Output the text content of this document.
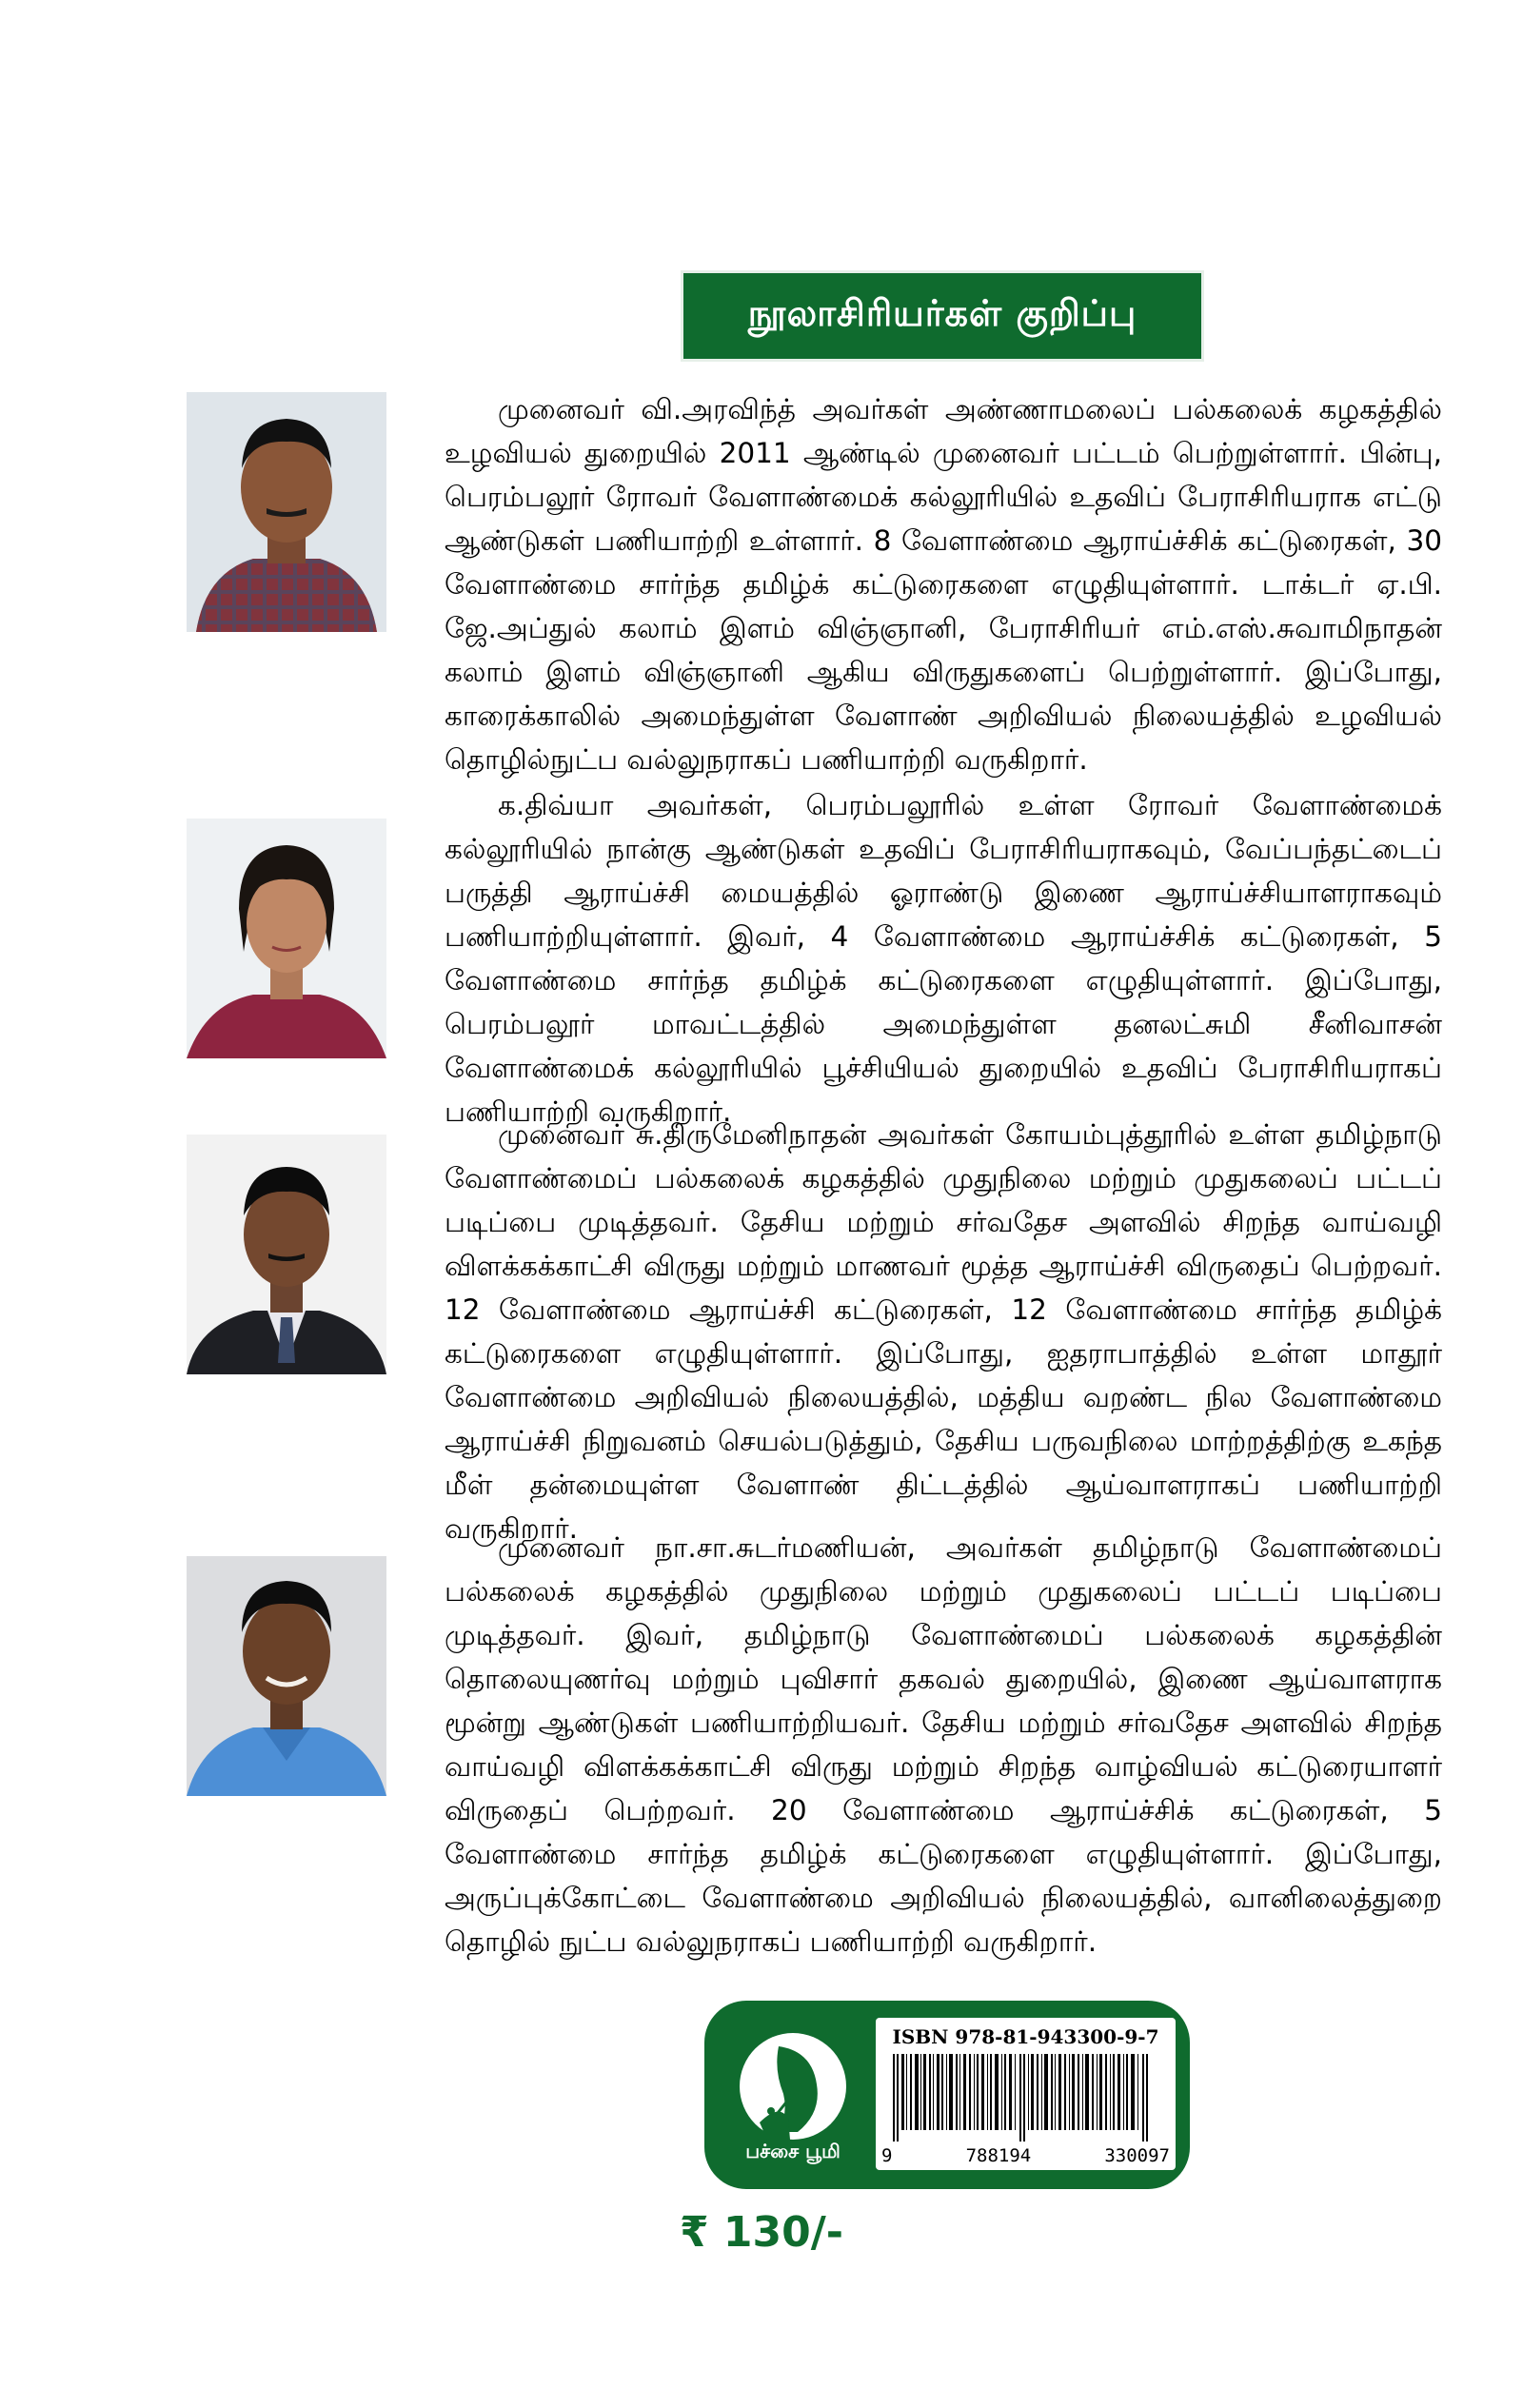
நூலாசிரியர்கள் குறிப்பு

முனைவர் வி.அரவிந்த் அவர்கள் அண்ணாமலைப் பல்கலைக் கழகத்தில் உழவியல் துறையில் 2011 ஆண்டில் முனைவர் பட்டம் பெற்றுள்ளார். பின்பு, பெரம்பலூர் ரோவர் வேளாண்மைக் கல்லூரியில் உதவிப் பேராசிரியராக எட்டு ஆண்டுகள் பணியாற்றி உள்ளார். 8 வேளாண்மை ஆராய்ச்சிக் கட்டுரைகள், 30 வேளாண்மை சார்ந்த தமிழ்க் கட்டுரைகளை எழுதியுள்ளார். டாக்டர் ஏ.பி. ஜே.அப்துல் கலாம் இளம் விஞ்ஞானி, பேராசிரியர் எம்.எஸ்.சுவாமிநாதன் கலாம் இளம் விஞ்ஞானி ஆகிய விருதுகளைப் பெற்றுள்ளார். இப்போது, காரைக்காலில் அமைந்துள்ள வேளாண் அறிவியல் நிலையத்தில் உழவியல் தொழில்நுட்ப வல்லுநராகப் பணியாற்றி வருகிறார்.

க.திவ்யா அவர்கள், பெரம்பலூரில் உள்ள ரோவர் வேளாண்மைக் கல்லூரியில் நான்கு ஆண்டுகள் உதவிப் பேராசிரியராகவும், வேப்பந்தட்டைப் பருத்தி ஆராய்ச்சி மையத்தில் ஓராண்டு இணை ஆராய்ச்சியாளராகவும் பணியாற்றியுள்ளார். இவர், 4 வேளாண்மை ஆராய்ச்சிக் கட்டுரைகள், 5 வேளாண்மை சார்ந்த தமிழ்க் கட்டுரைகளை எழுதியுள்ளார். இப்போது, பெரம்பலூர் மாவட்டத்தில் அமைந்துள்ள தனலட்சுமி சீனிவாசன் வேளாண்மைக் கல்லூரியில் பூச்சியியல் துறையில் உதவிப் பேராசிரியராகப் பணியாற்றி வருகிறார்.

முனைவர் சு.திருமேனிநாதன் அவர்கள் கோயம்புத்தூரில் உள்ள தமிழ்நாடு வேளாண்மைப் பல்கலைக் கழகத்தில் முதுநிலை மற்றும் முதுகலைப் பட்டப் படிப்பை முடித்தவர். தேசிய மற்றும் சர்வதேச அளவில் சிறந்த வாய்வழி விளக்கக்காட்சி விருது மற்றும் மாணவர் மூத்த ஆராய்ச்சி விருதைப் பெற்றவர். 12 வேளாண்மை ஆராய்ச்சி கட்டுரைகள், 12 வேளாண்மை சார்ந்த தமிழ்க் கட்டுரைகளை எழுதியுள்ளார். இப்போது, ஐதராபாத்தில் உள்ள மாதூர் வேளாண்மை அறிவியல் நிலையத்தில், மத்திய வறண்ட நில வேளாண்மை ஆராய்ச்சி நிறுவனம் செயல்படுத்தும், தேசிய பருவநிலை மாற்றத்திற்கு உகந்த மீள் தன்மையுள்ள வேளாண் திட்டத்தில் ஆய்வாளராகப் பணியாற்றி வருகிறார்.

முனைவர் நா.சா.சுடர்மணியன், அவர்கள் தமிழ்நாடு வேளாண்மைப் பல்கலைக் கழகத்தில் முதுநிலை மற்றும் முதுகலைப் பட்டப் படிப்பை முடித்தவர். இவர், தமிழ்நாடு வேளாண்மைப் பல்கலைக் கழகத்தின் தொலையுணர்வு மற்றும் புவிசார் தகவல் துறையில், இணை ஆய்வாளராக மூன்று ஆண்டுகள் பணியாற்றியவர். தேசிய மற்றும் சர்வதேச அளவில் சிறந்த வாய்வழி விளக்கக்காட்சி விருது மற்றும் சிறந்த வாழ்வியல் கட்டுரையாளர் விருதைப் பெற்றவர். 20 வேளாண்மை ஆராய்ச்சிக் கட்டுரைகள், 5 வேளாண்மை சார்ந்த தமிழ்க் கட்டுரைகளை எழுதியுள்ளார். இப்போது, அருப்புக்கோட்டை வேளாண்மை அறிவியல் நிலையத்தில், வானிலைத்துறை தொழில் நுட்ப வல்லுநராகப் பணியாற்றி வருகிறார்.

பச்சை பூமி
ISBN 978-81-943300-9-7
9	788194	330097
₹ 130/-
